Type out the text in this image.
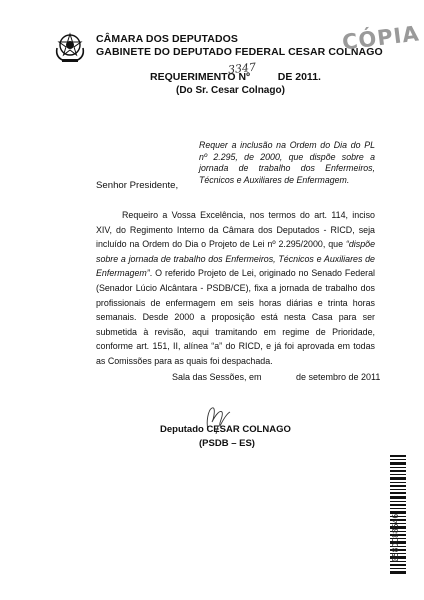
CÂMARA DOS DEPUTADOS
GABINETE DO DEPUTADO FEDERAL CESAR COLNAGO
CÓPIA
REQUERIMENTO Nº	DE 2011.
3347
(Do Sr. Cesar Colnago)
Requer a inclusão na Ordem do Dia do PL nº 2.295, de 2000, que dispõe sobre a jornada de trabalho dos Enfermeiros, Técnicos e Auxiliares de Enfermagem.
Senhor Presidente,

Requeiro a Vossa Excelência, nos termos do art. 114, inciso XIV, do Regimento Interno da Câmara dos Deputados - RICD, seja incluído na Ordem do Dia o Projeto de Lei nº 2.295/2000, que “dispõe sobre a jornada de trabalho dos Enfermeiros, Técnicos e Auxiliares de Enfermagem”. O referido Projeto de Lei, originado no Senado Federal (Senador Lúcio Alcântara - PSDB/CE), fixa a jornada de trabalho dos profissionais de enfermagem em seis horas diárias e trinta horas semanais. Desde 2000 a proposição está nesta Casa para ser submetida à revisão, aqui tramitando em regime de Prioridade, conforme art. 151, II, alínea “a” do RICD, e já foi aprovada em todas as Comissões para as quais foi despachada.

Sala das Sessões, em	de setembro de 2011
Deputado CESAR COLNAGO
(PSDB – ES)
058DC88546
